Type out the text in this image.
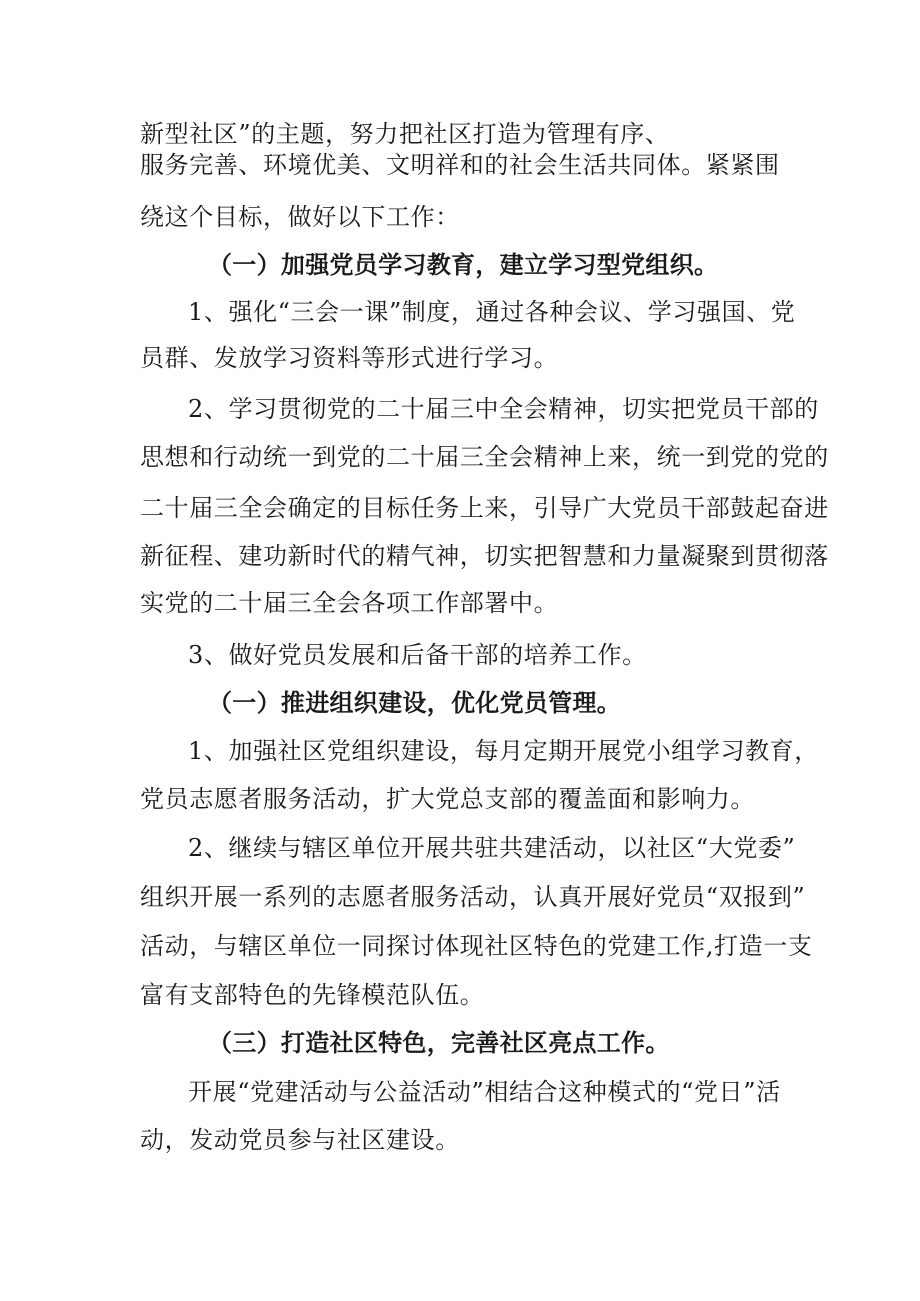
新型社区”的主题，努力把社区打造为管理有序、
服务完善、环境优美、文明祥和的社会生活共同体。紧紧围
绕这个目标，做好以下工作：
（一）加强党员学习教育，建立学习型党组织。
1、强化“三会一课”制度，通过各种会议、学习强国、党
员群、发放学习资料等形式进行学习。
2、学习贯彻党的二十届三中全会精神，切实把党员干部的
思想和行动统一到党的二十届三全会精神上来，统一到党的党的
二十届三全会确定的目标任务上来，引导广大党员干部鼓起奋进
新征程、建功新时代的精气神，切实把智慧和力量凝聚到贯彻落
实党的二十届三全会各项工作部署中。
3、做好党员发展和后备干部的培养工作。
（一）推进组织建设，优化党员管理。
1、加强社区党组织建设，每月定期开展党小组学习教育，
党员志愿者服务活动，扩大党总支部的覆盖面和影响力。
2、继续与辖区单位开展共驻共建活动，以社区“大党委”
组织开展一系列的志愿者服务活动，认真开展好党员“双报到”
活动，与辖区单位一同探讨体现社区特色的党建工作,打造一支
富有支部特色的先锋模范队伍。
（三）打造社区特色，完善社区亮点工作。
开展“党建活动与公益活动”相结合这种模式的“党日”活
动，发动党员参与社区建设。
